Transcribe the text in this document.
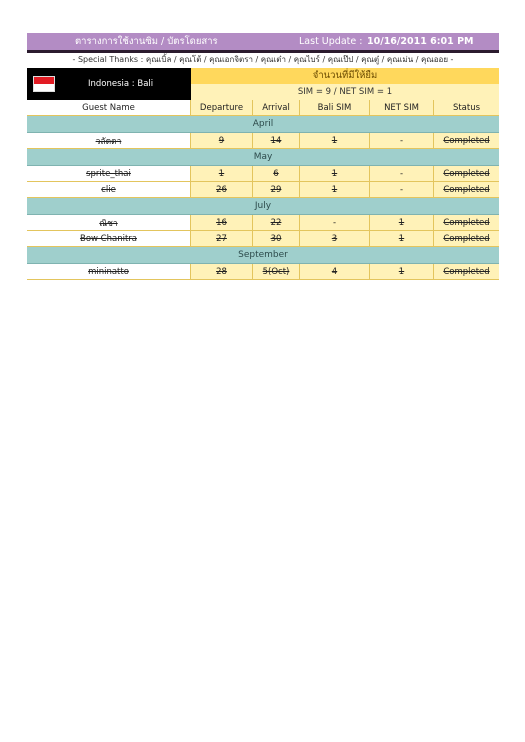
ตารางการใช้งานซิม / บัตรโดยสาร	Last Update : 10/16/2011 6:01 PM
- Special Thanks : คุณเบิ้ล / คุณโต้ / คุณเอกจิตรา / คุณเต๋า / คุณไบร์ / คุณเป๊ป / คุณตู๋ / คุณเม่น / คุณออย -
Indonesia : Bali
จำนวนที่มีให้ยืม
SIM = 9 / NET SIM = 1
Guest Name	Departure	Arrival	Bali SIM	NET SIM	Status
April
วลัดดา	9	14	1	-	Completed
May
sprite_thai	1	6	1	-	Completed
clie	26	29	1	-	Completed
July
ณิชา	16	22	-	1	Completed
Bow Chanitra	27	30	3	1	Completed
September
mininatto	28	5(Oct)	4	1	Completed
